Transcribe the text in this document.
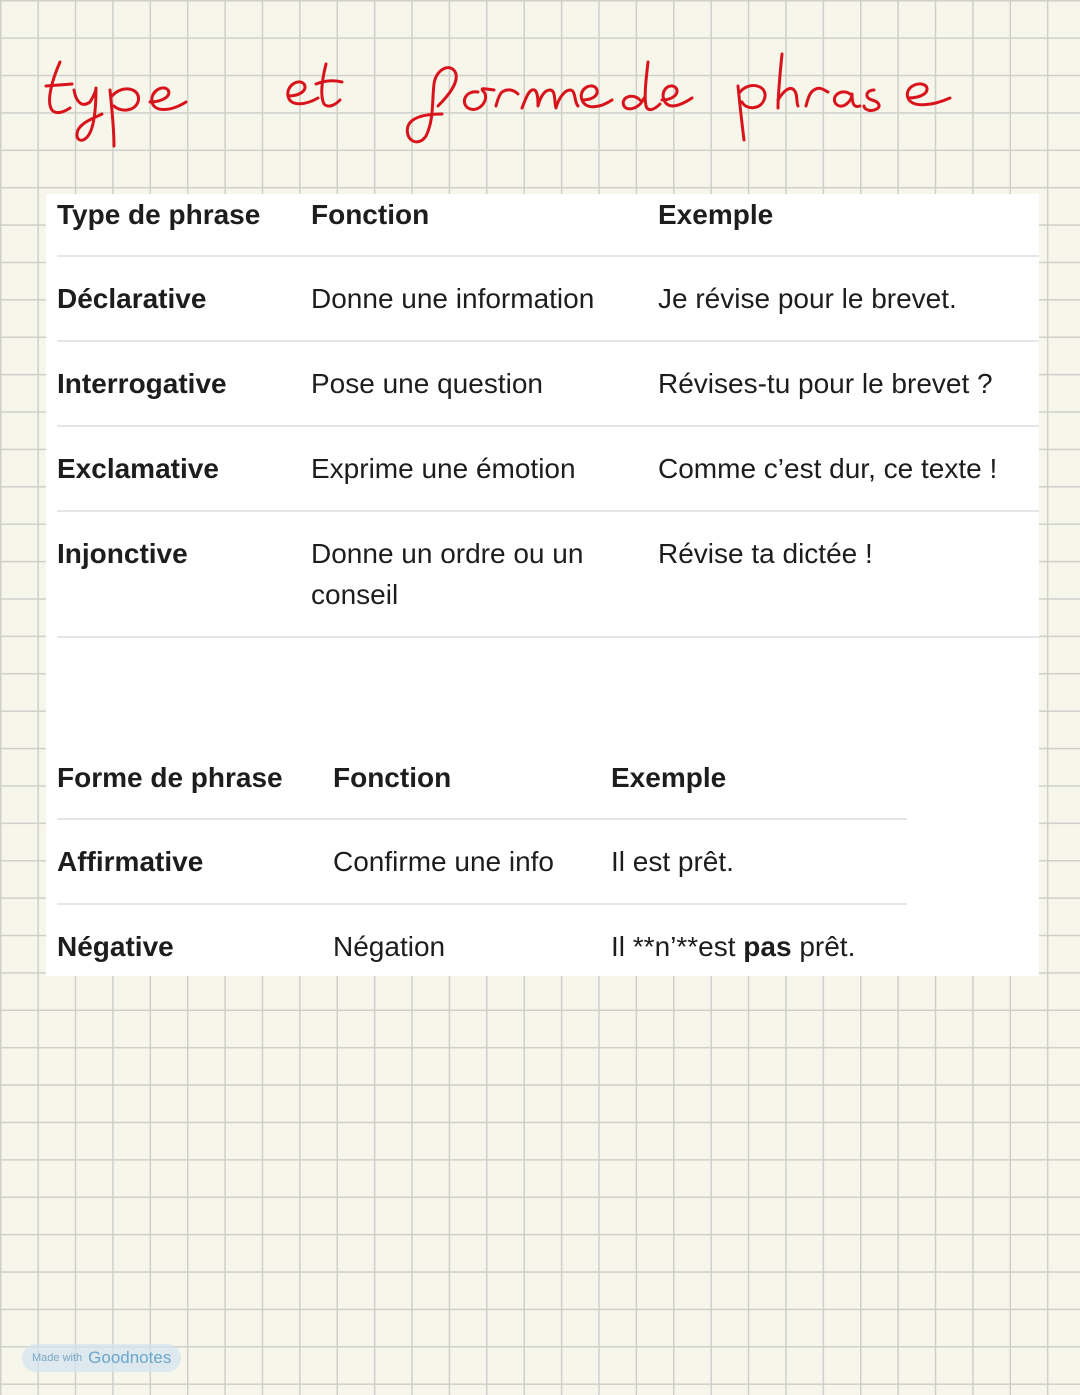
type et forme de phrase
Type de phrase	Fonction	Exemple
Déclarative	Donne une information	Je révise pour le brevet.
Interrogative	Pose une question	Révises-tu pour le brevet ?
Exclamative	Exprime une émotion	Comme c’est dur, ce texte !
Injonctive	Donne un ordre ou un conseil	Révise ta dictée !
Forme de phrase	Fonction	Exemple
Affirmative	Confirme une info	Il est prêt.
Négative	Négation	Il **n’**est pas prêt.
Made with Goodnotes
